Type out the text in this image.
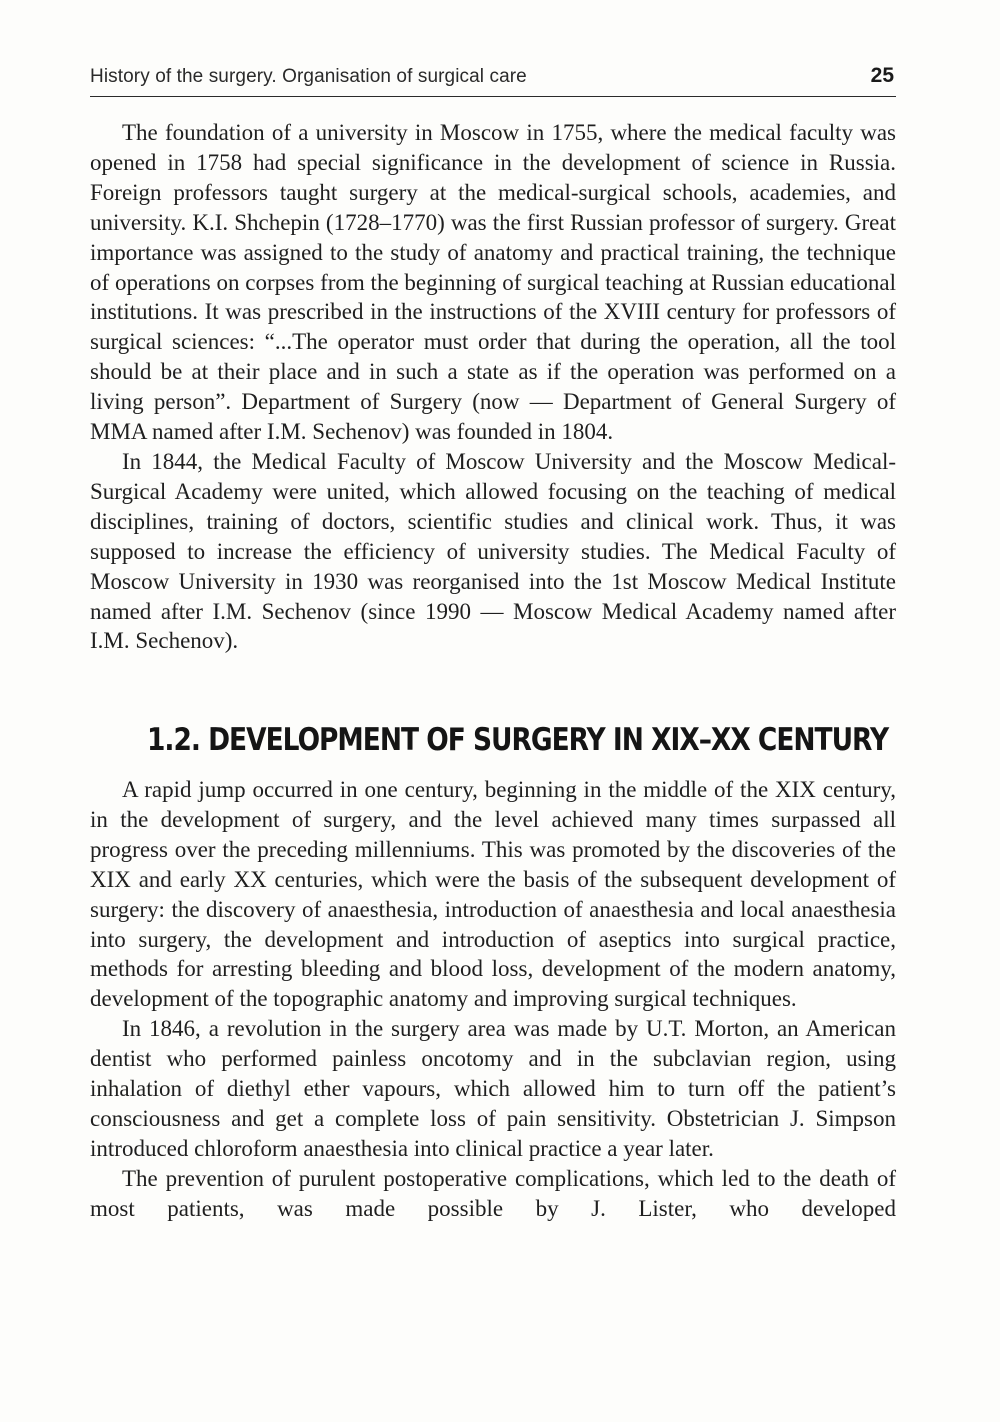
History of the surgery. Organisation of surgical care	25

The foundation of a university in Moscow in 1755, where the medical faculty was opened in 1758 had special significance in the development of science in Russia. Foreign professors taught surgery at the medical-surgical schools, academies, and university. K.I. Shchepin (1728–1770) was the first Russian professor of surgery. Great importance was assigned to the study of anatomy and practical training, the technique of operations on corpses from the beginning of surgical teaching at Russian educational institutions. It was prescribed in the instructions of the XVIII century for professors of surgical sciences: “...The operator must order that during the operation, all the tool should be at their place and in such a state as if the operation was performed on a living person”. Department of Surgery (now — Department of General Surgery of MMA named after I.M. Sechenov) was founded in 1804.

In 1844, the Medical Faculty of Moscow University and the Moscow Medical-Surgical Academy were united, which allowed focusing on the teaching of medical disciplines, training of doctors, scientific studies and clinical work. Thus, it was supposed to increase the efficiency of university studies. The Medical Faculty of Moscow University in 1930 was reorganised into the 1st Moscow Medical Institute named after I.M. Sechenov (since 1990 — Moscow Medical Academy named after I.M. Sechenov).

1.2. DEVELOPMENT OF SURGERY IN XIX–XX CENTURY

A rapid jump occurred in one century, beginning in the middle of the XIX century, in the development of surgery, and the level achieved many times surpassed all progress over the preceding millenniums. This was promoted by the discoveries of the XIX and early XX centuries, which were the basis of the subsequent development of surgery: the discovery of anaesthesia, introduction of anaesthesia and local anaesthesia into surgery, the development and introduction of aseptics into surgical practice, methods for arresting bleeding and blood loss, development of the modern anatomy, development of the topographic anatomy and improving surgical techniques.

In 1846, a revolution in the surgery area was made by U.T. Morton, an American dentist who performed painless oncotomy and in the subclavian region, using inhalation of diethyl ether vapours, which allowed him to turn off the patient’s consciousness and get a complete loss of pain sensitivity. Obstetrician J. Simpson introduced chloroform anaesthesia into clinical practice a year later.

The prevention of purulent postoperative complications, which led to the death of most patients, was made possible by J. Lister, who developed
